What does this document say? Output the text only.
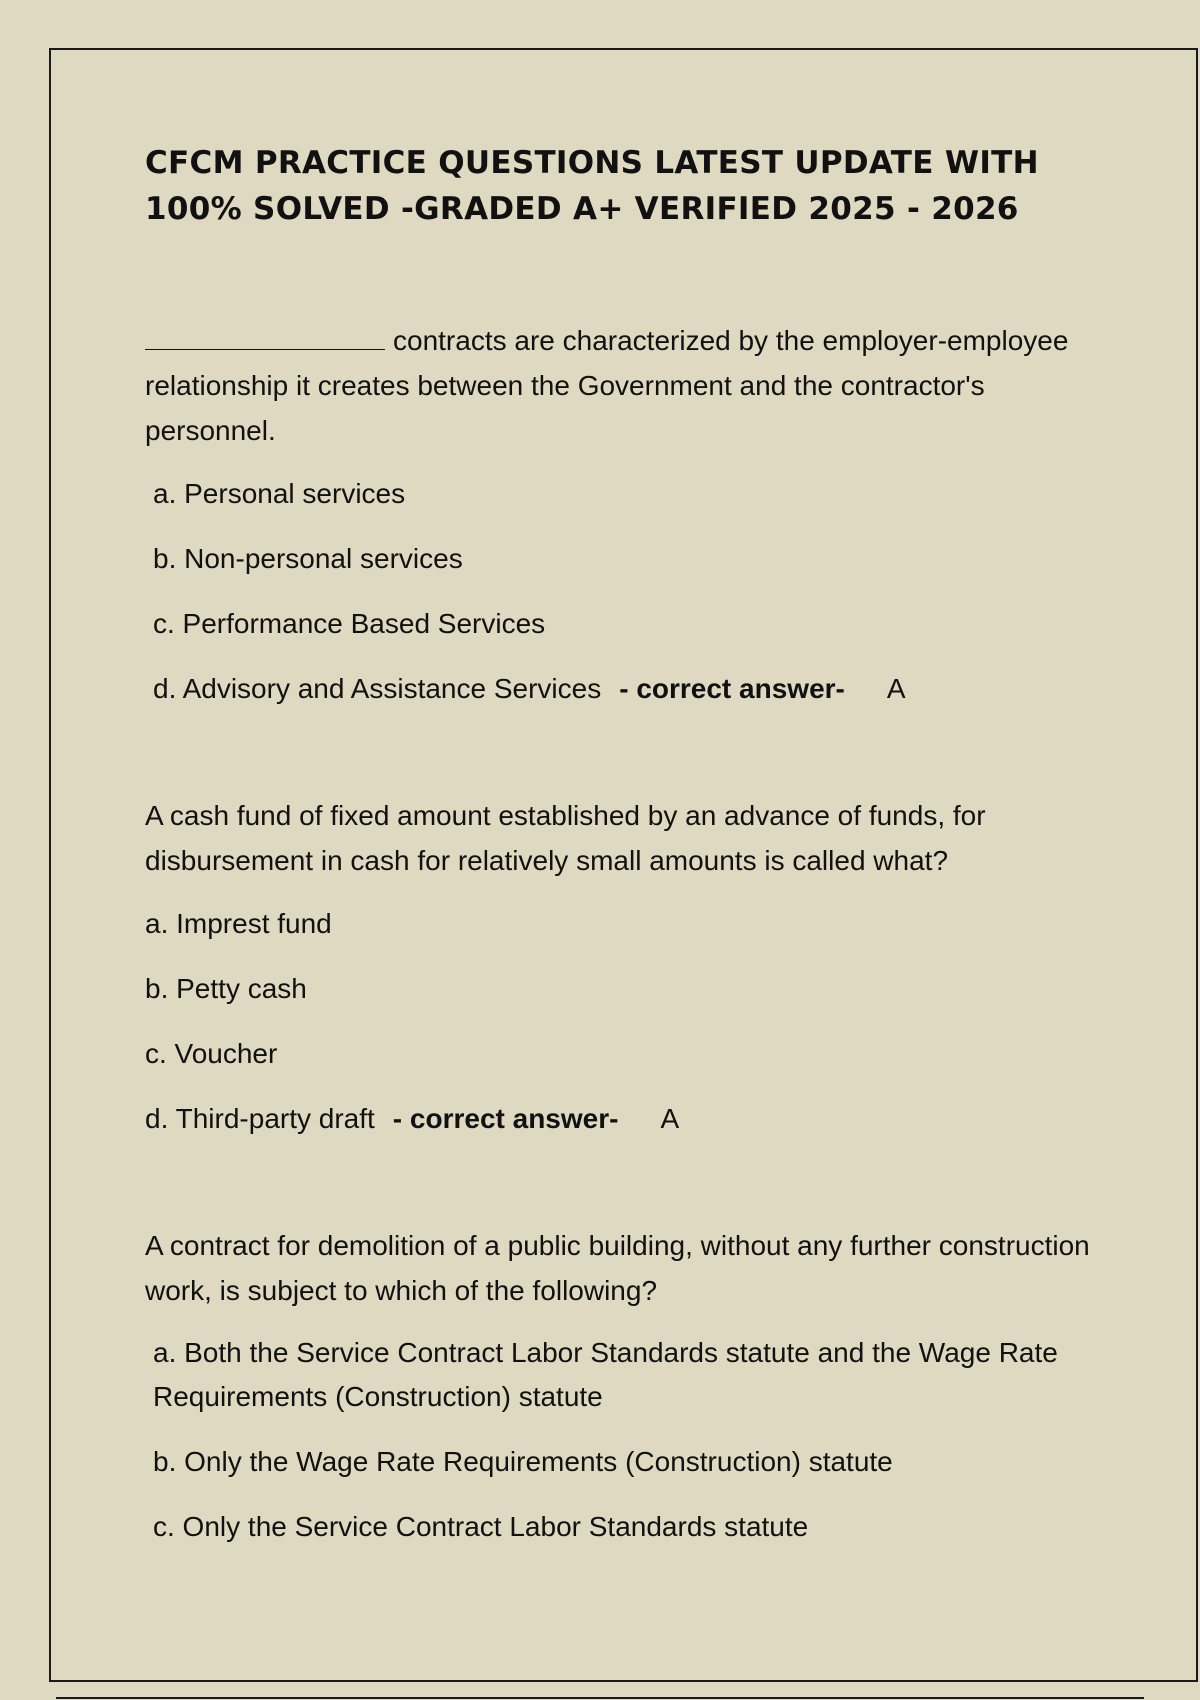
CFCM PRACTICE QUESTIONS LATEST UPDATE WITH 100% SOLVED -GRADED A+ VERIFIED 2025 - 2026

contracts are characterized by the employer-employee relationship it creates between the Government and the contractor's personnel.

a. Personal services

b. Non-personal services

c. Performance Based Services

d. Advisory and Assistance Services - correct answer- A

A cash fund of fixed amount established by an advance of funds, for disbursement in cash for relatively small amounts is called what?

a. Imprest fund

b. Petty cash

c. Voucher

d. Third-party draft - correct answer- A

A contract for demolition of a public building, without any further construction work, is subject to which of the following?

a. Both the Service Contract Labor Standards statute and the Wage Rate Requirements (Construction) statute

b. Only the Wage Rate Requirements (Construction) statute

c. Only the Service Contract Labor Standards statute
